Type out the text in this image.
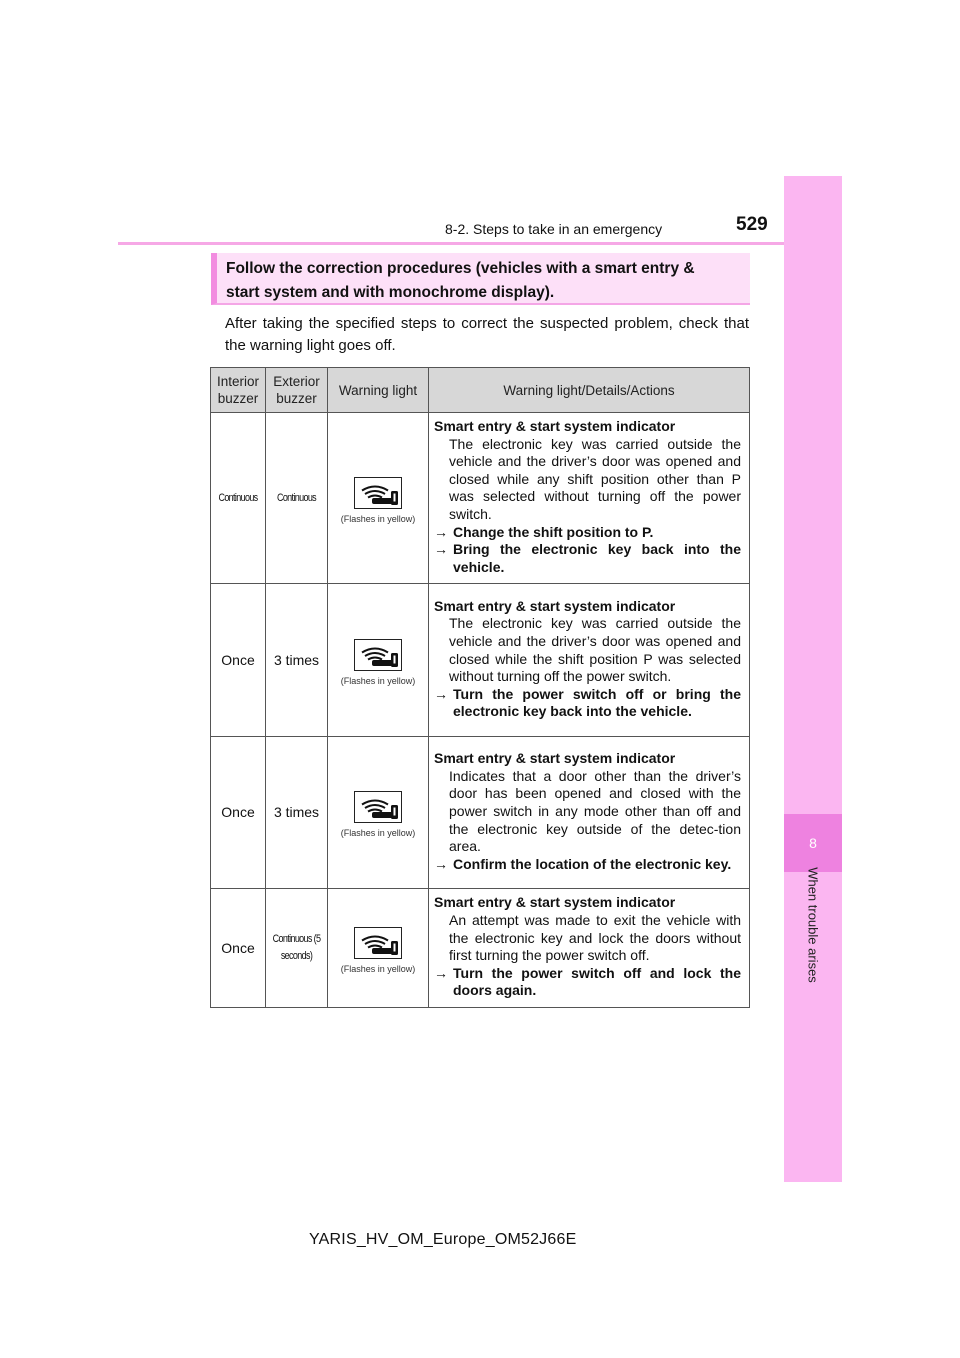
8-2. Steps to take in an emergency	529
8
When trouble arises
Follow the correction procedures (vehicles with a smart entry &
start system and with monochrome display).
After taking the specified steps to correct the suspected problem, check that the warning light goes off.
Interior buzzer	Exterior buzzer	Warning light	Warning light/Details/Actions

Continuous	Continuous	(Flashes in yellow)	Smart entry & start system indicator
The electronic key was carried outside the vehicle and the driver’s door was opened and closed while any shift position other than P was selected without turning off the power switch.
→ Change the shift position to P.
→ Bring the electronic key back into the vehicle.

Once	3 times	(Flashes in yellow)	Smart entry & start system indicator
The electronic key was carried outside the vehicle and the driver’s door was opened and closed while the shift position P was selected without turning off the power switch.
→ Turn the power switch off or bring the electronic key back into the vehicle.

Once	3 times	(Flashes in yellow)	Smart entry & start system indicator
Indicates that a door other than the driver’s door has been opened and closed with the power switch in any mode other than off and the electronic key outside of the detec-tion area.
→ Confirm the location of the electronic key.

Once	Continuous (5 seconds)	(Flashes in yellow)	Smart entry & start system indicator
An attempt was made to exit the vehicle with the electronic key and lock the doors without first turning the power switch off.
→ Turn the power switch off and lock the doors again.
YARIS_HV_OM_Europe_OM52J66E
